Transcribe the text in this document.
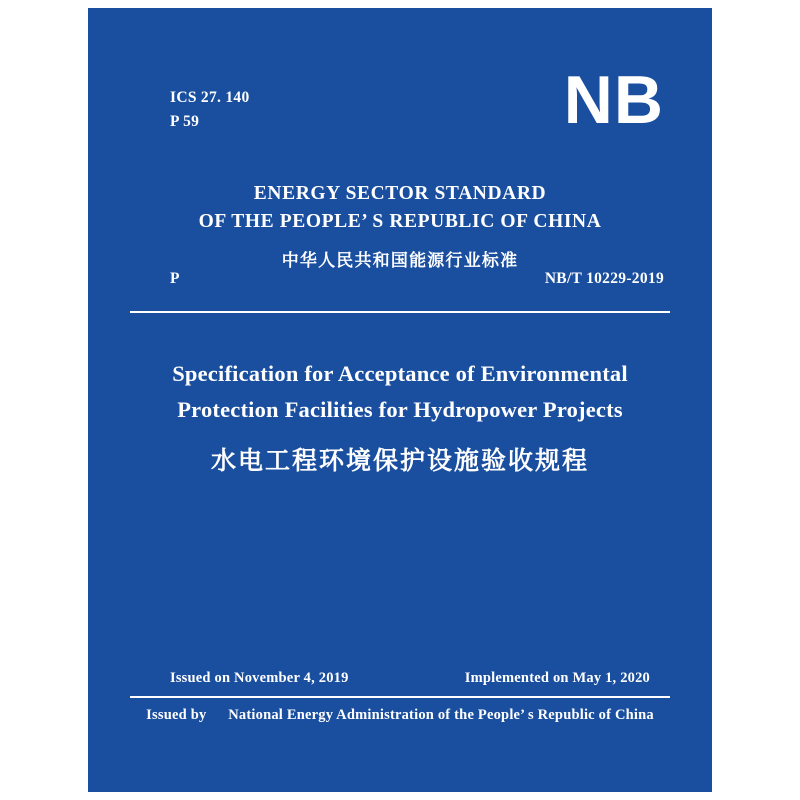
ICS 27. 140
P 59	NB
ENERGY SECTOR STANDARD
OF THE PEOPLE’ S REPUBLIC OF CHINA
中华人民共和国能源行业标准
P	NB/T 10229-2019
Specification for Acceptance of Environmental
Protection Facilities for Hydropower Projects
水电工程环境保护设施验收规程
Issued on November 4, 2019	Implemented on May 1, 2020
Issued by National Energy Administration of the People’ s Republic of China
